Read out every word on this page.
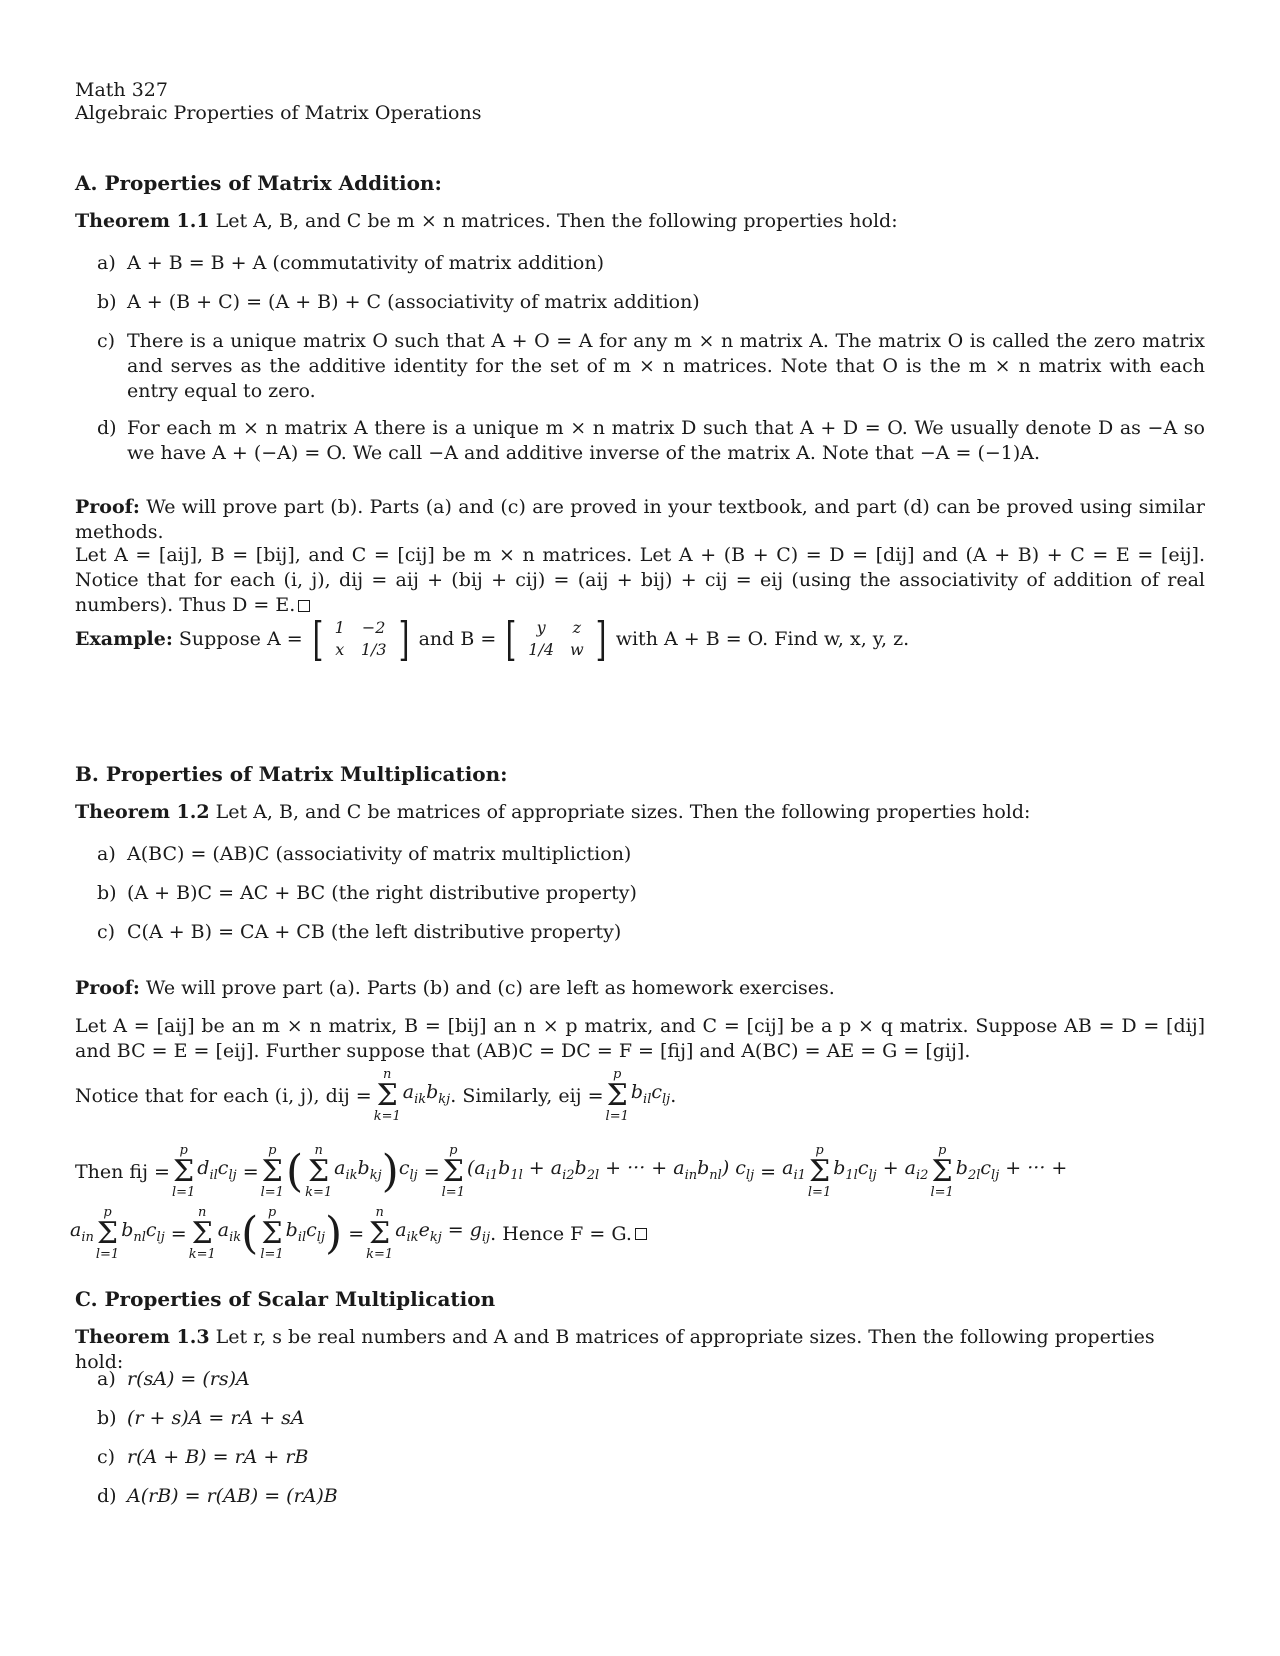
Math 327
Algebraic Properties of Matrix Operations
A. Properties of Matrix Addition:
Theorem 1.1 Let A, B, and C be m × n matrices. Then the following properties hold:
a) A + B = B + A (commutativity of matrix addition)
b) A + (B + C) = (A + B) + C (associativity of matrix addition)
c) There is a unique matrix O such that A + O = A for any m × n matrix A. The matrix O is called the zero matrix and serves as the additive identity for the set of m × n matrices. Note that O is the m × n matrix with each entry equal to zero.
d) For each m × n matrix A there is a unique m × n matrix D such that A + D = O. We usually denote D as −A so we have A + (−A) = O. We call −A and additive inverse of the matrix A. Note that −A = (−1)A.
Proof: We will prove part (b). Parts (a) and (c) are proved in your textbook, and part (d) can be proved using similar methods.
Let A = [aij], B = [bij], and C = [cij] be m × n matrices. Let A + (B + C) = D = [dij] and (A + B) + C = E = [eij]. Notice that for each (i, j), dij = aij + (bij + cij) = (aij + bij) + cij = eij (using the associativity of addition of real numbers). Thus D = E.
Example:
Suppose A =
[ 1	−2
x	1/3 ]
and B =
[ y	z
1/4	w ]
with A + B = O. Find w, x, y, z.
B. Properties of Matrix Multiplication:
Theorem 1.2 Let A, B, and C be matrices of appropriate sizes. Then the following properties hold:
a) A(BC) = (AB)C (associativity of matrix multipliction)
b) (A + B)C = AC + BC (the right distributive property)
c) C(A + B) = CA + CB (the left distributive property)
Proof: We will prove part (a). Parts (b) and (c) are left as homework exercises.
Let A = [aij] be an m × n matrix, B = [bij] an n × p matrix, and C = [cij] be a p × q matrix. Suppose AB = D = [dij] and BC = E = [eij]. Further suppose that (AB)C = DC = F = [fij] and A(BC) = AE = G = [gij].
Notice that for each (i, j), dij =
n
Σ
k=1
$a_{ik}b_{kj}$ . Similarly, eij =
p
Σ
l=1
$b_{il}c_{lj}$ .
Then fij =
p
Σ
l=1
$d_{il}c_{lj}$ =
p
Σ
l=1 ( n
Σ
k=1
$a_{ik}b_{kj}$ ) $c_{lj}$ =
p
Σ
l=1
($a_{i1}b_{1l} + a_{i2}b_{2l}$ + ··· + $a_{in}b_{nl}$) $c_{lj} = a_{i1}$
p
Σ
l=1
$b_{1l}c_{lj} + a_{i2}$
p
Σ
l=1
$b_{2l}c_{lj}$ + ··· +
$a_{in}$
p
Σ
l=1
$b_{nl}c_{lj}$ =
n
Σ
k=1
$a_{ik}$ ( p
Σ
l=1
$b_{il}c_{lj}$ ) =
n
Σ
k=1
$a_{ik}e_{kj} = g_{ij}$ . Hence F = G.
C. Properties of Scalar Multiplication
Theorem 1.3 Let r, s be real numbers and A and B matrices of appropriate sizes. Then the following properties hold:
a) r(sA) = (rs)A
b) (r + s)A = rA + sA
c) r(A + B) = rA + rB
d) A(rB) = r(AB) = (rA)B
